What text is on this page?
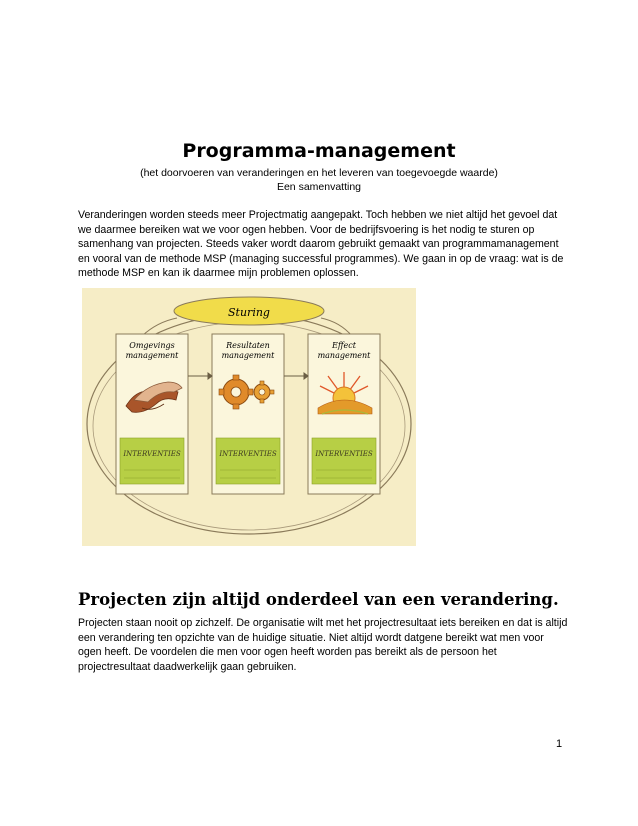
Programma-management
(het doorvoeren van veranderingen en het leveren van toegevoegde waarde)
Een samenvatting
Veranderingen worden steeds meer Projectmatig aangepakt. Toch hebben we niet altijd het gevoel dat we daarmee bereiken wat we voor ogen hebben. Voor de bedrijfsvoering is het nodig te sturen op samenhang van projecten. Steeds vaker wordt daarom gebruikt gemaakt van programmamanagement en vooral van de methode MSP (managing successful programmes). We gaan in op de vraag: wat is de methode MSP en kan ik daarmee mijn problemen oplossen.
Sturing
Omgevings
management
Resultaten
management
Effect
management
INTERVENTIES	INTERVENTIES	INTERVENTIES
Projecten zijn altijd onderdeel van een verandering.
Projecten staan nooit op zichzelf. De organisatie wilt met het projectresultaat iets bereiken en dat is altijd een verandering ten opzichte van de huidige situatie. Niet altijd wordt datgene bereikt wat men voor ogen heeft. De voordelen die men voor ogen heeft worden pas bereikt als de persoon het projectresultaat daadwerkelijk gaan gebruiken.
1
